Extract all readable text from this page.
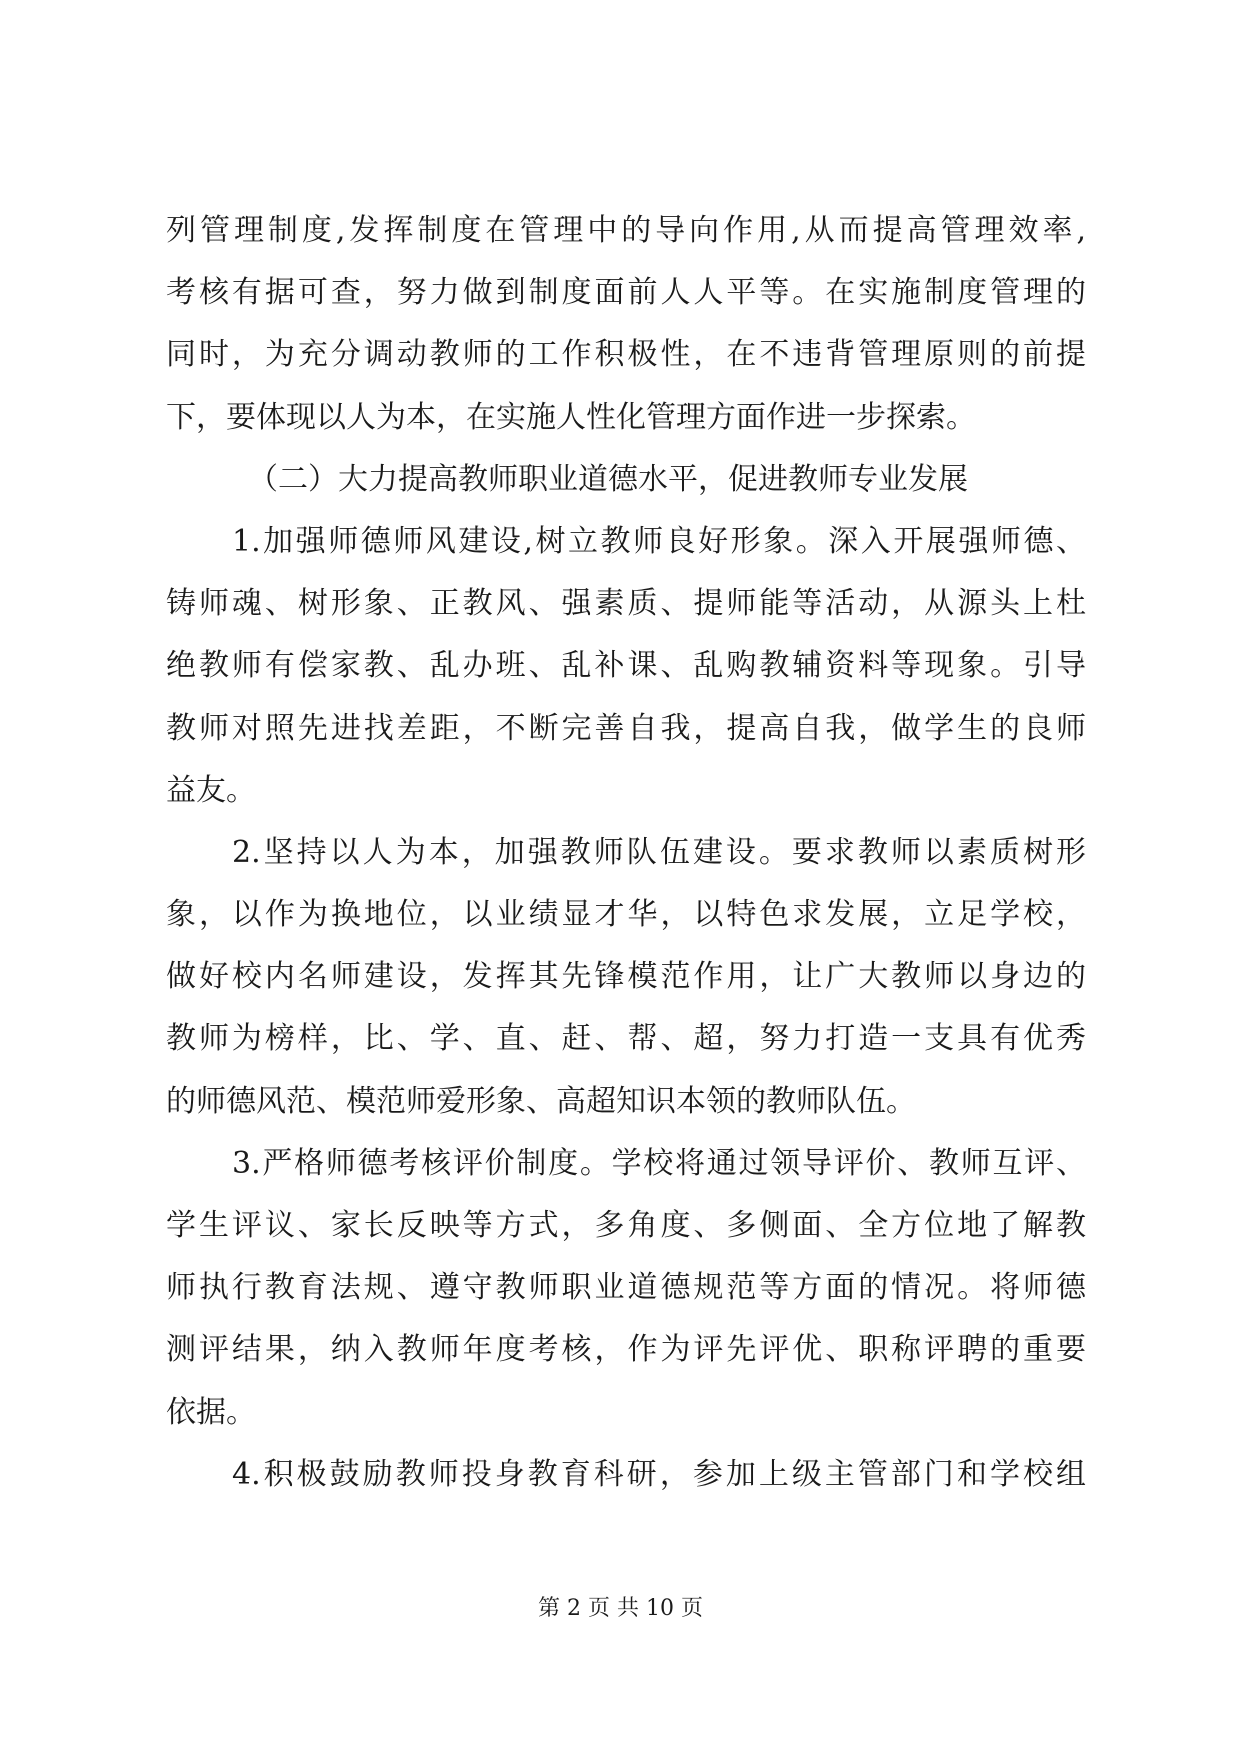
列管理制度,发挥制度在管理中的导向作用,从而提高管理效率,
考核有据可查，努力做到制度面前人人平等。在实施制度管理的
同时，为充分调动教师的工作积极性，在不违背管理原则的前提
下，要体现以人为本，在实施人性化管理方面作进一步探索。
（二）大力提高教师职业道德水平，促进教师专业发展
1.加强师德师风建设,树立教师良好形象。深入开展强师德、
铸师魂、树形象、正教风、强素质、提师能等活动，从源头上杜
绝教师有偿家教、乱办班、乱补课、乱购教辅资料等现象。引导
教师对照先进找差距，不断完善自我，提高自我，做学生的良师
益友。
2.坚持以人为本，加强教师队伍建设。要求教师以素质树形
象，以作为换地位，以业绩显才华，以特色求发展，立足学校，
做好校内名师建设，发挥其先锋模范作用，让广大教师以身边的
教师为榜样，比、学、直、赶、帮、超，努力打造一支具有优秀
的师德风范、模范师爱形象、高超知识本领的教师队伍。
3.严格师德考核评价制度。学校将通过领导评价、教师互评、
学生评议、家长反映等方式，多角度、多侧面、全方位地了解教
师执行教育法规、遵守教师职业道德规范等方面的情况。将师德
测评结果，纳入教师年度考核，作为评先评优、职称评聘的重要
依据。
4.积极鼓励教师投身教育科研，参加上级主管部门和学校组
第 2 页 共 10 页
